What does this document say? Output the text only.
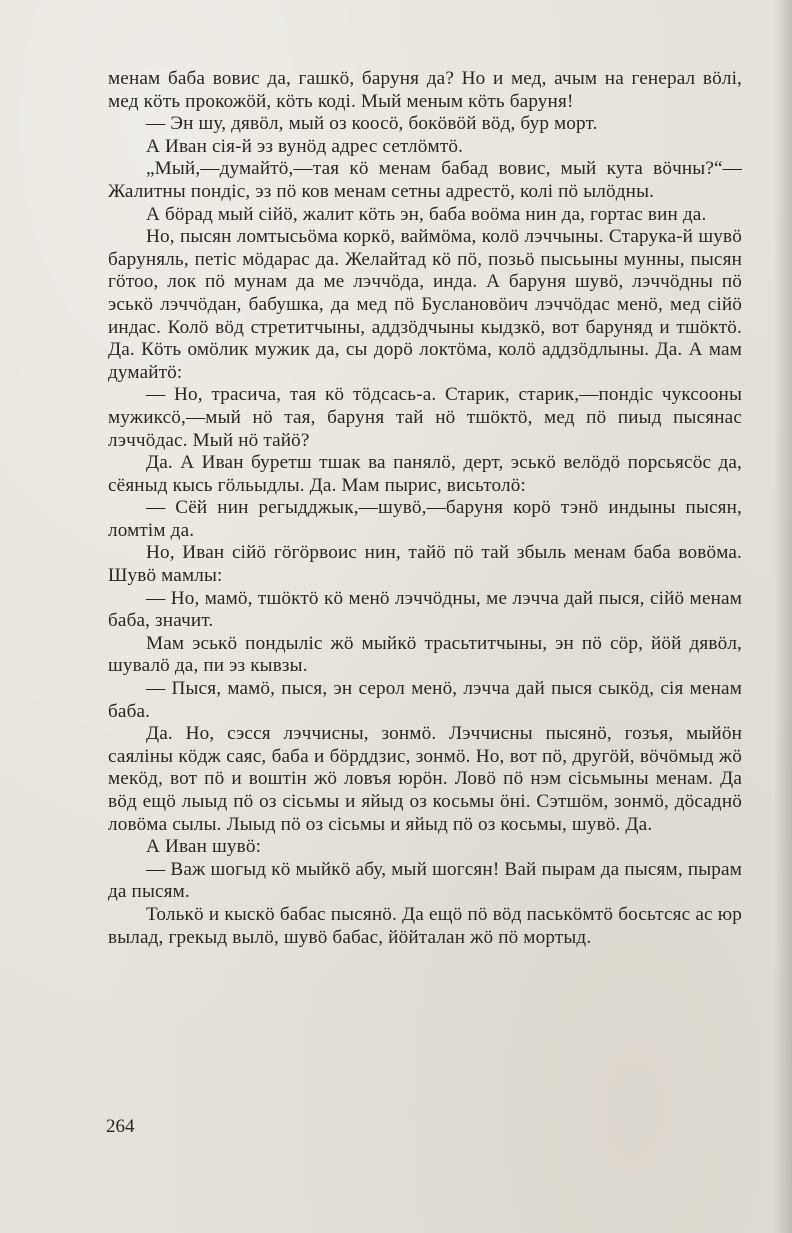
менам баба вовис да, гашкӧ, баруня да? Но и мед, ачым на генерал вӧлі, мед кӧть прокожӧй, кӧть кодi. Мый меным кӧть баруня!

— Эн шу, дявӧл, мый оз коосӧ, бокӧвӧй вӧд, бур морт.

А Иван сiя-й эз вунӧд адрес сетлӧмтӧ.

„Мый,—думайтӧ,—тая кӧ менам бабад вовис, мый кута вӧчны?“—Жалитны пондiс, эз пӧ ков менам сетны адрестӧ, колi пӧ ылӧдны.

А бӧрад мый сiйӧ, жалит кӧть эн, баба воӧма нин да, гортас вин да.

Но, пысян ломтысьӧма коркӧ, ваймӧма, колӧ лэччыны. Старука-й шувӧ баруняль, петiс мӧдарас да. Желайтад кӧ пӧ, позьӧ пысьыны мунны, пысян гӧтоо, лок пӧ мунам да ме лэччӧда, инда. А баруня шувӧ, лэччӧдны пӧ эськӧ лэччӧдан, бабушка, да мед пӧ Буслановӧич лэччӧдас менӧ, мед сiйӧ индас. Колӧ вӧд стретитчыны, аддзӧдчыны кыдзкӧ, вот баруняд и тшӧктӧ. Да. Кӧть омӧлик мужик да, сы дорӧ локтӧма, колӧ аддзӧдлыны. Да. А мам думайтӧ:

— Но, трасича, тая кӧ тӧдсась-а. Старик, старик,—пондiс чуксооны мужиксӧ,—мый нӧ тая, баруня тай нӧ тшӧктӧ, мед пӧ пиыд пысянас лэччӧдас. Мый нӧ тайӧ?

Да. А Иван буретш тшак ва панялӧ, дерт, эськӧ велӧдӧ порсьясӧс да, сёяныд кысь гӧльыдлы. Да. Мам пырис, висьтолӧ:

— Сёй нин регыдджык,—шувӧ,—баруня корӧ тэнӧ индыны пысян, ломтiм да.

Но, Иван сiйӧ гӧгӧрвоис нин, тайӧ пӧ тай збыль менам баба вовӧма. Шувӧ мамлы:

— Но, мамӧ, тшӧктӧ кӧ менӧ лэччӧдны, ме лэчча дай пыся, сiйӧ менам баба, значит.

Мам эськӧ пондылiс жӧ мыйкӧ трасьтитчыны, эн пӧ сӧр, йӧй дявӧл, шувалӧ да, пи эз кывзы.

— Пыся, мамӧ, пыся, эн серол менӧ, лэчча дай пыся сыкӧд, сiя менам баба.

Да. Но, сэсся лэччисны, зонмӧ. Лэччисны пысянӧ, гозъя, мыйӧн саялiны кӧдж саяс, баба и бӧрддзис, зонмӧ. Но, вот пӧ, другӧй, вӧчӧмыд жӧ мекӧд, вот пӧ и воштiн жӧ ловъя юрӧн. Ловӧ пӧ нэм сiсьмыны менам. Да вӧд ещӧ лыыд пӧ оз сiсьмы и яйыд оз косьмы ӧнi. Сэтшӧм, зонмӧ, дӧсаднӧ ловӧма сылы. Лыыд пӧ оз сiсьмы и яйыд пӧ оз косьмы, шувӧ. Да.

А Иван шувӧ:

— Важ шогыд кӧ мыйкӧ абу, мый шогсян! Вай пырам да пысям, пырам да пысям.

Толькӧ и кыскӧ бабас пысянӧ. Да ещӧ пӧ вӧд паськӧмтӧ босьтсяс ас юр вылад, грекыд вылӧ, шувӧ бабас, йӧйталан жӧ пӧ мортыд.

264
